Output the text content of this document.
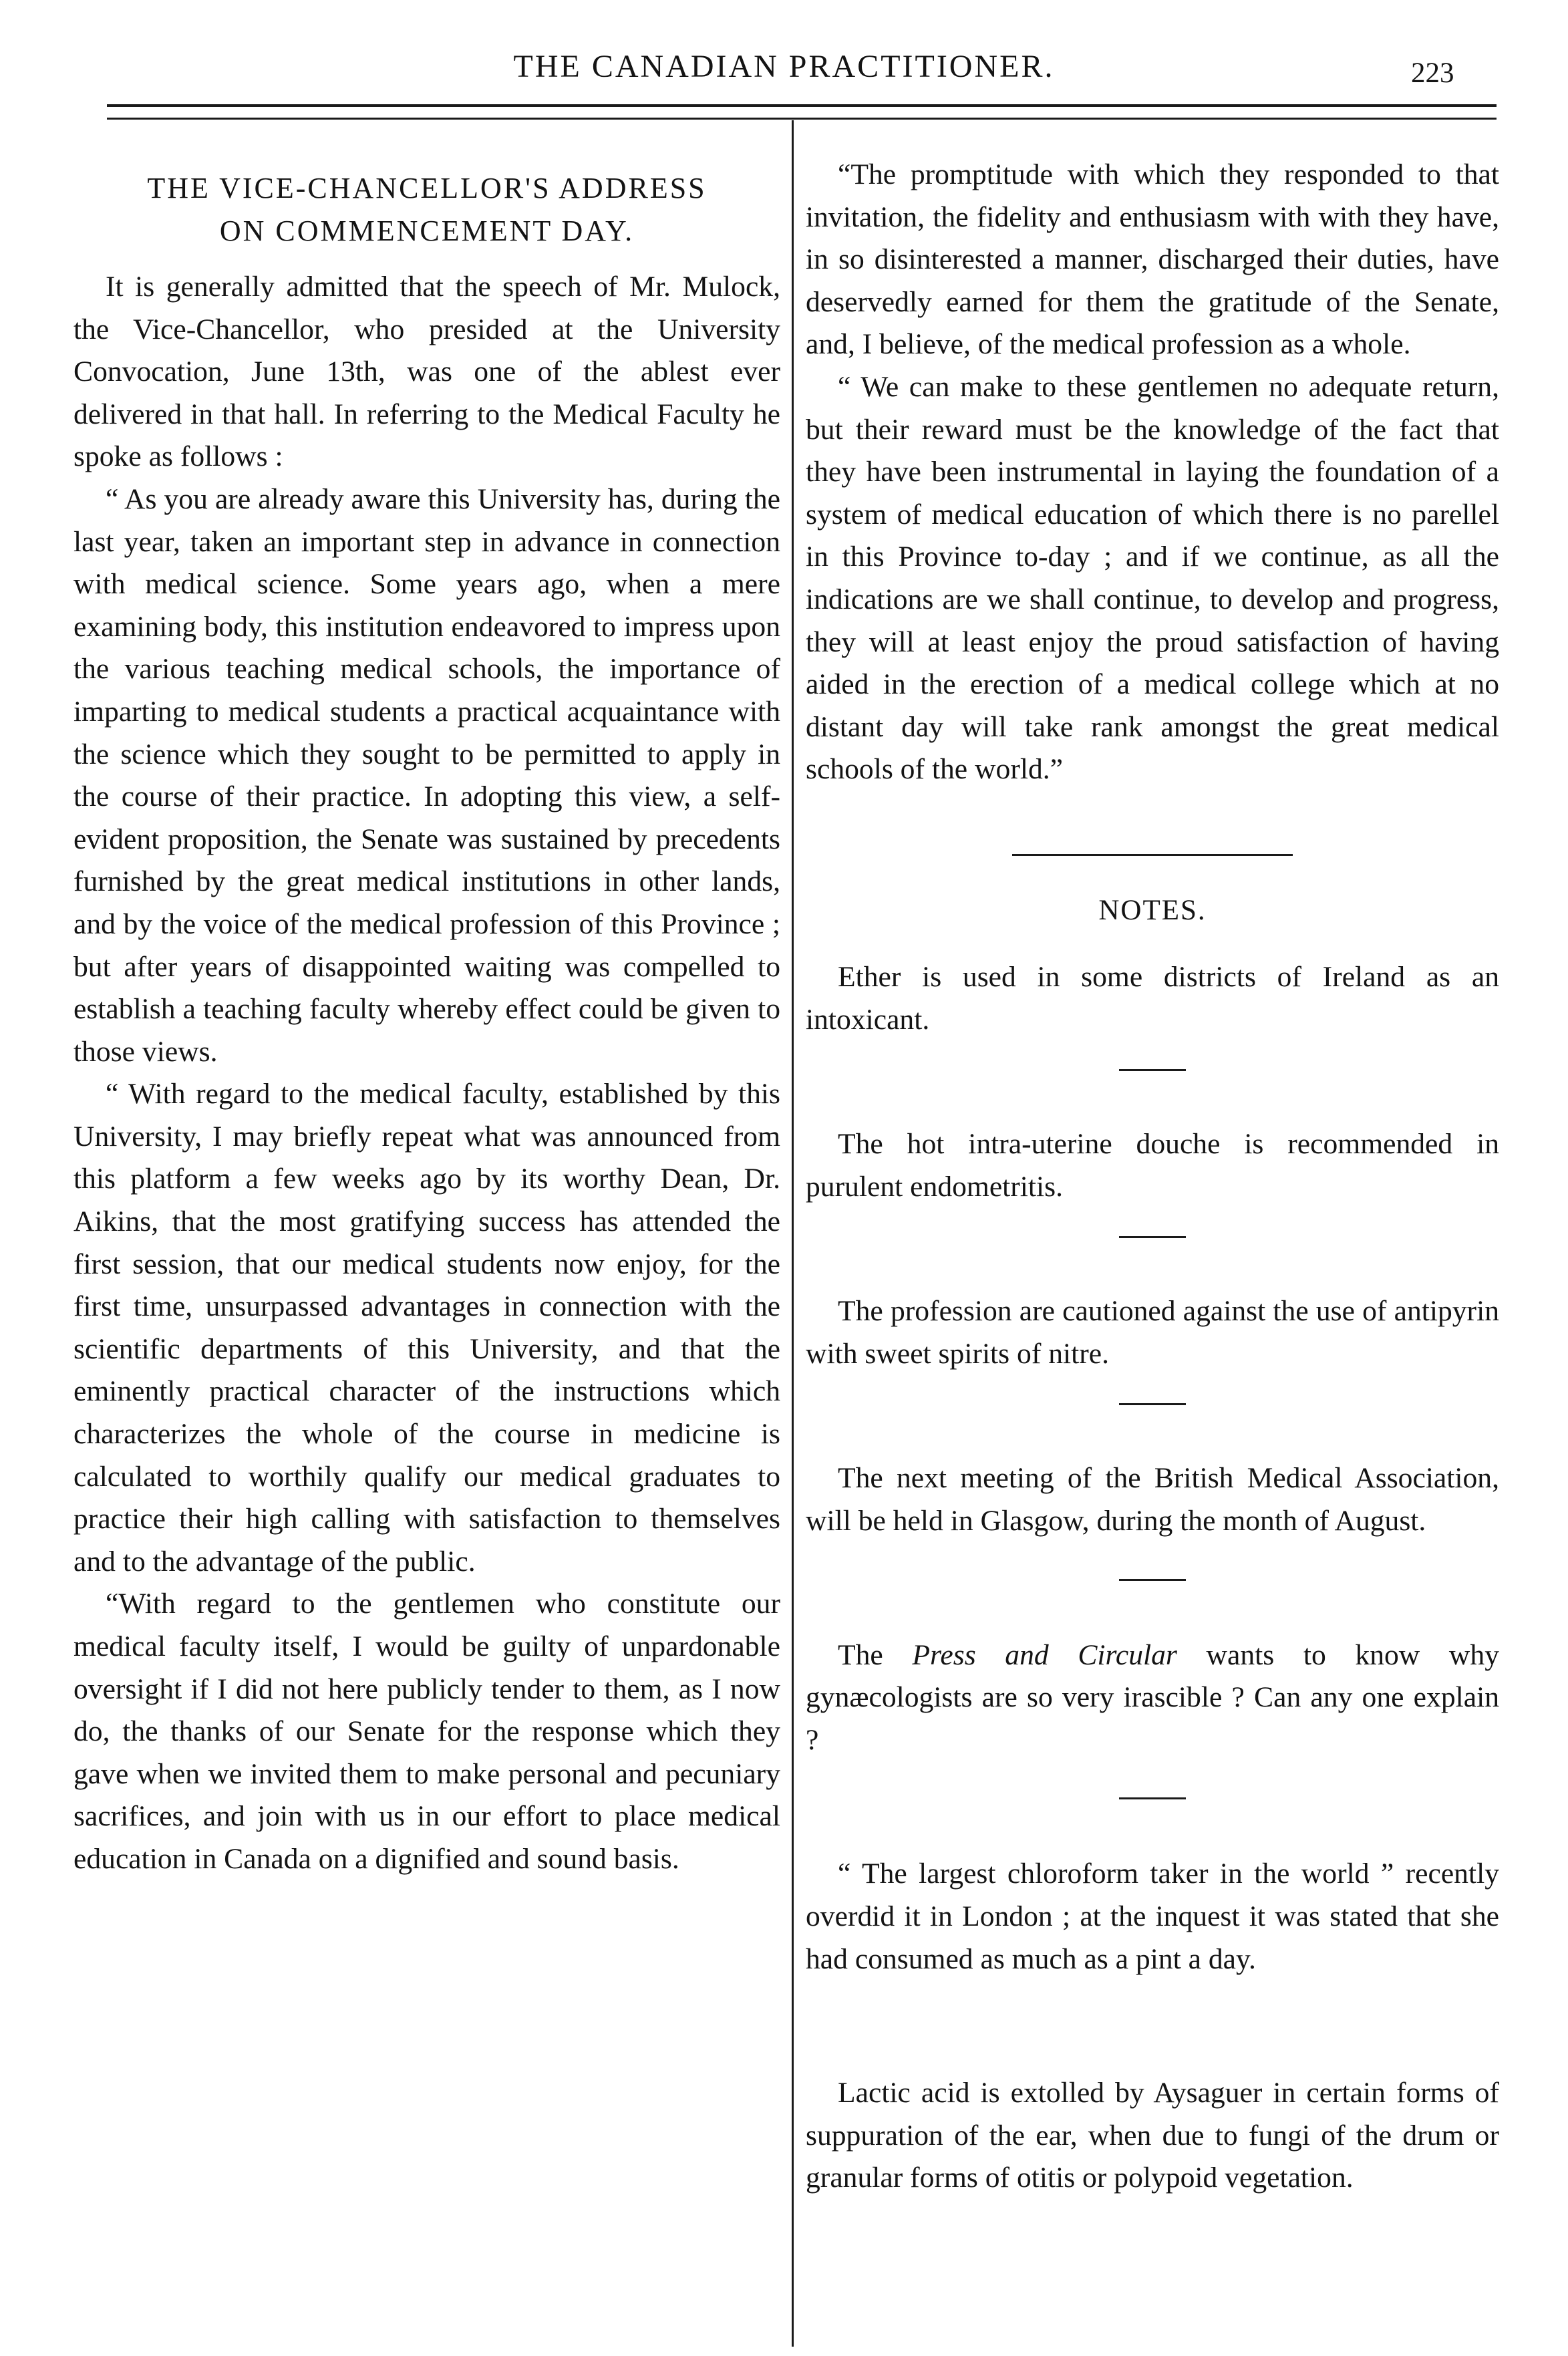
THE CANADIAN PRACTITIONER.	223
THE VICE-CHANCELLOR'S ADDRESS
ON COMMENCEMENT DAY.

It is generally admitted that the speech of Mr. Mulock, the Vice-Chancellor, who presided at the University Convocation, June 13th, was one of the ablest ever delivered in that hall. In referring to the Medical Faculty he spoke as follows :

“ As you are already aware this University has, during the last year, taken an important step in advance in connection with medical science. Some years ago, when a mere examining body, this institution endeavored to impress upon the various teaching medical schools, the importance of imparting to medical students a practical acquaintance with the science which they sought to be permitted to apply in the course of their practice. In adopting this view, a self-evident proposition, the Senate was sustained by precedents furnished by the great medical institutions in other lands, and by the voice of the medical profession of this Province ; but after years of disappointed waiting was compelled to establish a teaching faculty whereby effect could be given to those views.

“ With regard to the medical faculty, established by this University, I may briefly repeat what was announced from this platform a few weeks ago by its worthy Dean, Dr. Aikins, that the most gratifying success has attended the first session, that our medical students now enjoy, for the first time, unsurpassed advantages in connection with the scientific departments of this University, and that the eminently practical character of the instructions which characterizes the whole of the course in medicine is calculated to worthily qualify our medical graduates to practice their high calling with satisfaction to themselves and to the advantage of the public.

“With regard to the gentlemen who constitute our medical faculty itself, I would be guilty of unpardonable oversight if I did not here publicly tender to them, as I now do, the thanks of our Senate for the response which they gave when we invited them to make personal and pecuniary sacrifices, and join with us in our effort to place medical education in Canada on a dignified and sound basis.

“The promptitude with which they responded to that invitation, the fidelity and enthusiasm with with they have, in so disinterested a manner, discharged their duties, have deservedly earned for them the gratitude of the Senate, and, I believe, of the medical profession as a whole.

“ We can make to these gentlemen no adequate return, but their reward must be the knowledge of the fact that they have been instrumental in laying the foundation of a system of medical education of which there is no parellel in this Province to-day ; and if we continue, as all the indications are we shall continue, to develop and progress, they will at least enjoy the proud satisfaction of having aided in the erection of a medical college which at no distant day will take rank amongst the great medical schools of the world.”

NOTES.

Ether is used in some districts of Ireland as an intoxicant.

The hot intra-uterine douche is recommended in purulent endometritis.

The profession are cautioned against the use of antipyrin with sweet spirits of nitre.

The next meeting of the British Medical Association, will be held in Glasgow, during the month of August.

The Press and Circular wants to know why gynæcologists are so very irascible ? Can any one explain ?

“ The largest chloroform taker in the world ” recently overdid it in London ; at the inquest it was stated that she had consumed as much as a pint a day.

Lactic acid is extolled by Aysaguer in certain forms of suppuration of the ear, when due to fungi of the drum or granular forms of otitis or polypoid vegetation.
